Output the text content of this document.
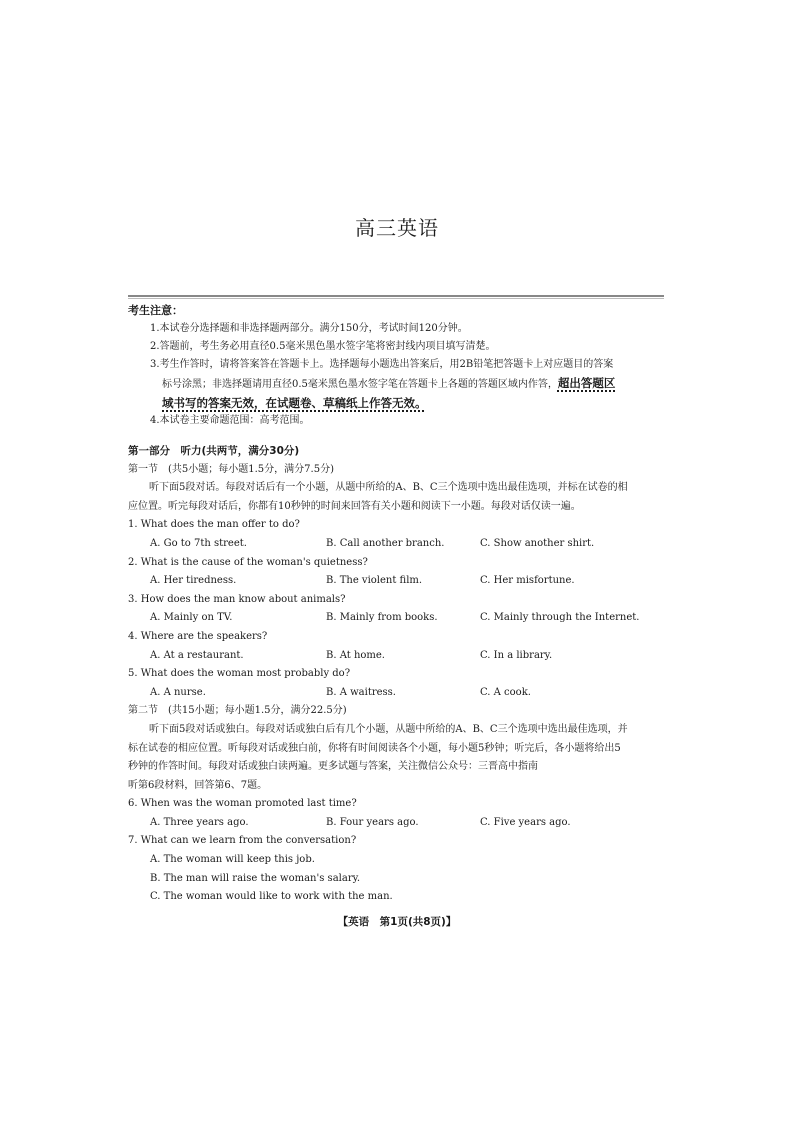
高三英语
考生注意：
1.本试卷分选择题和非选择题两部分。满分150分，考试时间120分钟。
2.答题前，考生务必用直径0.5毫米黑色墨水签字笔将密封线内项目填写清楚。
3.考生作答时，请将答案答在答题卡上。选择题每小题选出答案后，用2B铅笔把答题卡上对应题目的答案
标号涂黑；非选择题请用直径0.5毫米黑色墨水签字笔在答题卡上各题的答题区域内作答，超出答题区
域书写的答案无效，在试题卷、草稿纸上作答无效。
4.本试卷主要命题范围：高考范围。
第一部分　听力(共两节，满分30分)
第一节　(共5小题；每小题1.5分，满分7.5分)
听下面5段对话。每段对话后有一个小题，从题中所给的A、B、C三个选项中选出最佳选项，并标在试卷的相
应位置。听完每段对话后，你都有10秒钟的时间来回答有关小题和阅读下一小题。每段对话仅读一遍。
1. What does the man offer to do?
A. Go to 7th street.	B. Call another branch.	C. Show another shirt.
2. What is the cause of the woman's quietness?
A. Her tiredness.	B. The violent film.	C. Her misfortune.
3. How does the man know about animals?
A. Mainly on TV.	B. Mainly from books.	C. Mainly through the Internet.
4. Where are the speakers?
A. At a restaurant.	B. At home.	C. In a library.
5. What does the woman most probably do?
A. A nurse.	B. A waitress.	C. A cook.
第二节　(共15小题；每小题1.5分，满分22.5分)
听下面5段对话或独白。每段对话或独白后有几个小题，从题中所给的A、B、C三个选项中选出最佳选项，并
标在试卷的相应位置。听每段对话或独白前，你将有时间阅读各个小题，每小题5秒钟；听完后，各小题将给出5
秒钟的作答时间。每段对话或独白读两遍。更多试题与答案，关注微信公众号：三晋高中指南
听第6段材料，回答第6、7题。
6. When was the woman promoted last time?
A. Three years ago.	B. Four years ago.	C. Five years ago.
7. What can we learn from the conversation?
A. The woman will keep this job.
B. The man will raise the woman's salary.
C. The woman would like to work with the man.
【英语　第1页(共8页)】
